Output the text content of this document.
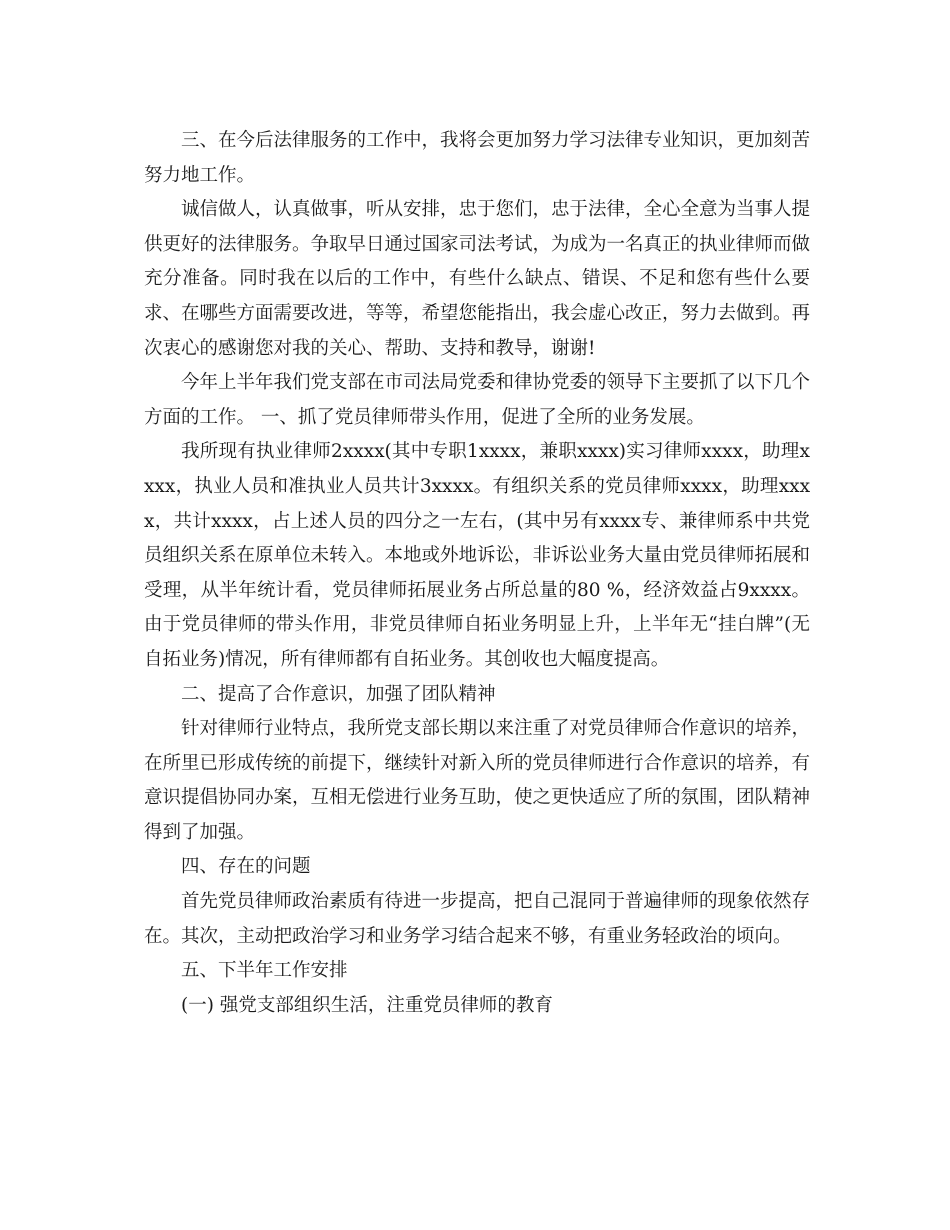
三、在今后法律服务的工作中，我将会更加努力学习法律专业知识，更加刻苦努力地工作。

诚信做人，认真做事，听从安排，忠于您们，忠于法律，全心全意为当事人提供更好的法律服务。争取早日通过国家司法考试，为成为一名真正的执业律师而做充分准备。同时我在以后的工作中，有些什么缺点、错误、不足和您有些什么要求、在哪些方面需要改进，等等，希望您能指出，我会虚心改正，努力去做到。再次衷心的感谢您对我的关心、帮助、支持和教导，谢谢!

今年上半年我们党支部在市司法局党委和律协党委的领导下主要抓了以下几个方面的工作。 一、抓了党员律师带头作用，促进了全所的业务发展。

我所现有执业律师2xxxx(其中专职1xxxx，兼职xxxx)实习律师xxxx，助理xxxx，执业人员和准执业人员共计3xxxx。有组织关系的党员律师xxxx，助理xxxx，共计xxxx，占上述人员的四分之一左右，(其中另有xxxx专、兼律师系中共党员组织关系在原单位未转入。本地或外地诉讼，非诉讼业务大量由党员律师拓展和受理，从半年统计看，党员律师拓展业务占所总量的80 %，经济效益占9xxxx。由于党员律师的带头作用，非党员律师自拓业务明显上升，上半年无“挂白牌”(无自拓业务)情况，所有律师都有自拓业务。其创收也大幅度提高。

二、提高了合作意识，加强了团队精神

针对律师行业特点，我所党支部长期以来注重了对党员律师合作意识的培养，在所里已形成传统的前提下，继续针对新入所的党员律师进行合作意识的培养，有意识提倡协同办案，互相无偿进行业务互助，使之更快适应了所的氛围，团队精神得到了加强。

四、存在的问题

首先党员律师政治素质有待进一步提高，把自己混同于普遍律师的现象依然存在。其次，主动把政治学习和业务学习结合起来不够，有重业务轻政治的顷向。

五、下半年工作安排

(一) 强党支部组织生活，注重党员律师的教育
